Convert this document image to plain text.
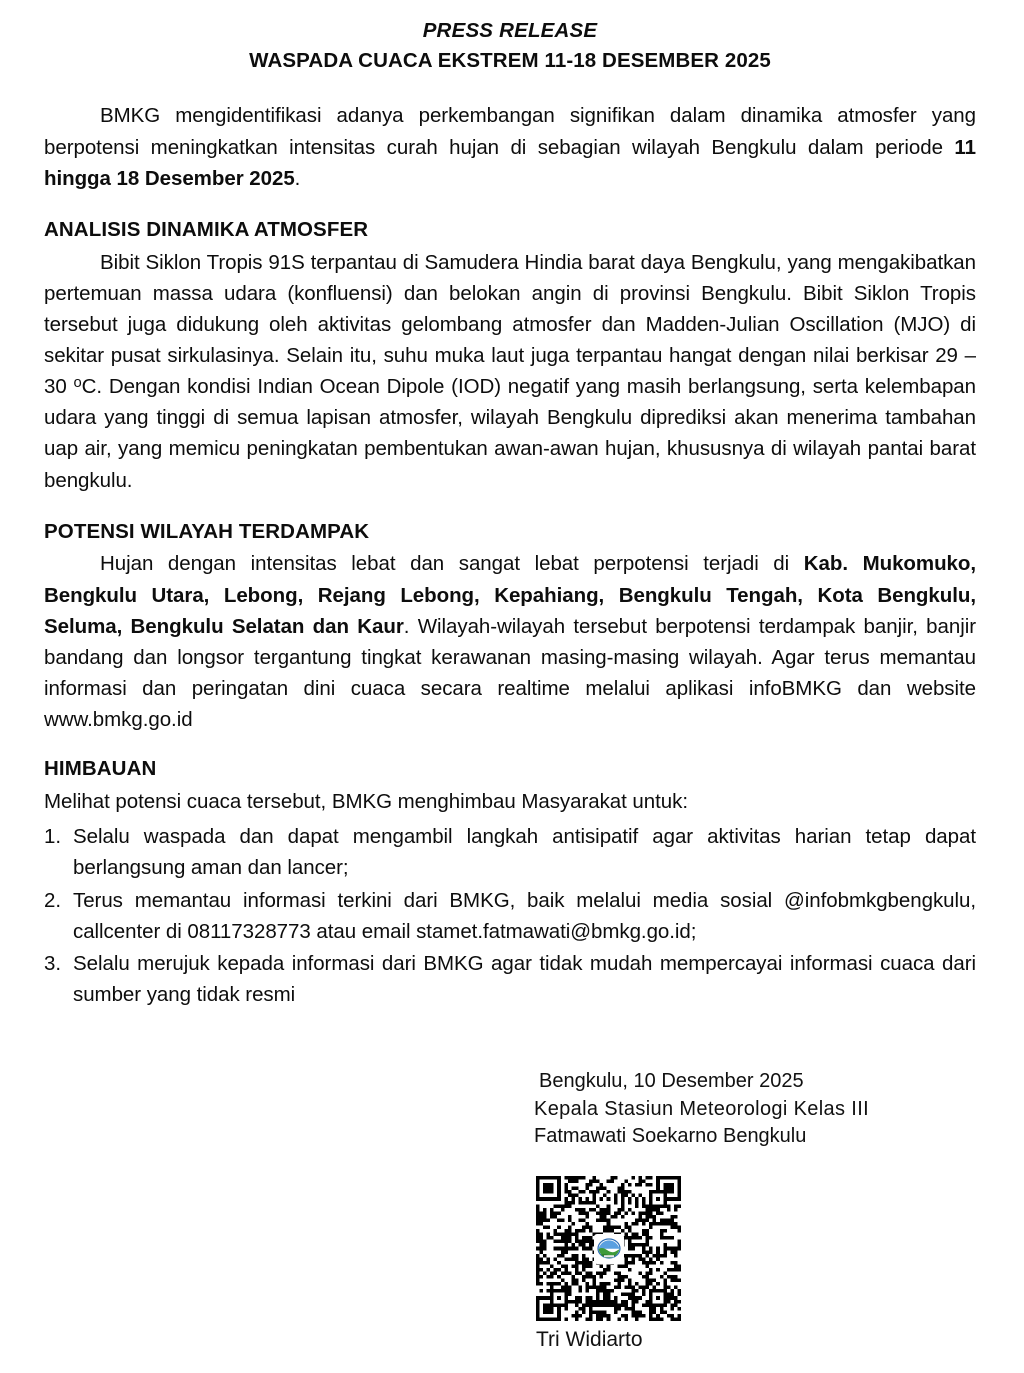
PRESS RELEASE
WASPADA CUACA EKSTREM 11-18 DESEMBER 2025

BMKG mengidentifikasi adanya perkembangan signifikan dalam dinamika atmosfer yang berpotensi meningkatkan intensitas curah hujan di sebagian wilayah Bengkulu dalam periode 11 hingga 18 Desember 2025.

ANALISIS DINAMIKA ATMOSFER

Bibit Siklon Tropis 91S terpantau di Samudera Hindia barat daya Bengkulu, yang mengakibatkan pertemuan massa udara (konfluensi) dan belokan angin di provinsi Bengkulu. Bibit Siklon Tropis tersebut juga didukung oleh aktivitas gelombang atmosfer dan Madden-Julian Oscillation (MJO) di sekitar pusat sirkulasinya. Selain itu, suhu muka laut juga terpantau hangat dengan nilai berkisar 29 – 30 $^o$C. Dengan kondisi Indian Ocean Dipole (IOD) negatif yang masih berlangsung, serta kelembapan udara yang tinggi di semua lapisan atmosfer, wilayah Bengkulu diprediksi akan menerima tambahan uap air, yang memicu peningkatan pembentukan awan-awan hujan, khususnya di wilayah pantai barat bengkulu.

POTENSI WILAYAH TERDAMPAK

Hujan dengan intensitas lebat dan sangat lebat perpotensi terjadi di Kab. Mukomuko, Bengkulu Utara, Lebong, Rejang Lebong, Kepahiang, Bengkulu Tengah, Kota Bengkulu, Seluma, Bengkulu Selatan dan Kaur. Wilayah-wilayah tersebut berpotensi terdampak banjir, banjir bandang dan longsor tergantung tingkat kerawanan masing-masing wilayah. Agar terus memantau informasi dan peringatan dini cuaca secara realtime melalui aplikasi infoBMKG dan website www.bmkg.go.id

HIMBAUAN

Melihat potensi cuaca tersebut, BMKG menghimbau Masyarakat untuk:

1. Selalu waspada dan dapat mengambil langkah antisipatif agar aktivitas harian tetap dapat berlangsung aman dan lancer;
2. Terus memantau informasi terkini dari BMKG, baik melalui media sosial @infobmkgbengkulu, callcenter di 08117328773 atau email stamet.fatmawati@bmkg.go.id;
3. Selalu merujuk kepada informasi dari BMKG agar tidak mudah mempercayai informasi cuaca dari sumber yang tidak resmi
Bengkulu, 10 Desember 2025
Kepala Stasiun Meteorologi Kelas III
Fatmawati Soekarno Bengkulu
Tri Widiarto
